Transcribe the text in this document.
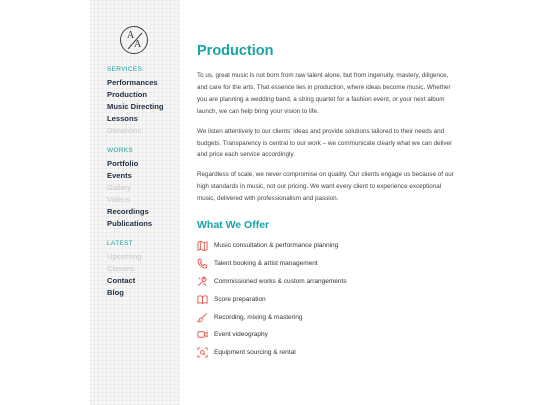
A
A
SERVICES
Performances
Production
Music Directing
Lessons
Donations
WORKS
Portfolio
Events
Gallery
Videos
Recordings
Publications
LATEST
Upcoming
Classes
Contact
Blog
Production

To us, great music is not born from raw talent alone, but from ingenuity, mastery, diligence, and care for the arts. That essence lies in production, where ideas become music. Whether you are planning a wedding band, a string quartet for a fashion event, or your next album launch, we can help bring your vision to life.

We listen attentively to our clients' ideas and provide solutions tailored to their needs and budgets. Transparency is central to our work – we communicate clearly what we can deliver and price each service accordingly.

Regardless of scale, we never compromise on quality. Our clients engage us because of our high standards in music, not our pricing. We want every client to experience exceptional music, delivered with professionalism and passion.

What We Offer
Music consultation & performance planning
Talent booking & artist management
Commissioned works & custom arrangements
Score preparation
Recording, mixing & mastering
Event videography
Equipment sourcing & rental
